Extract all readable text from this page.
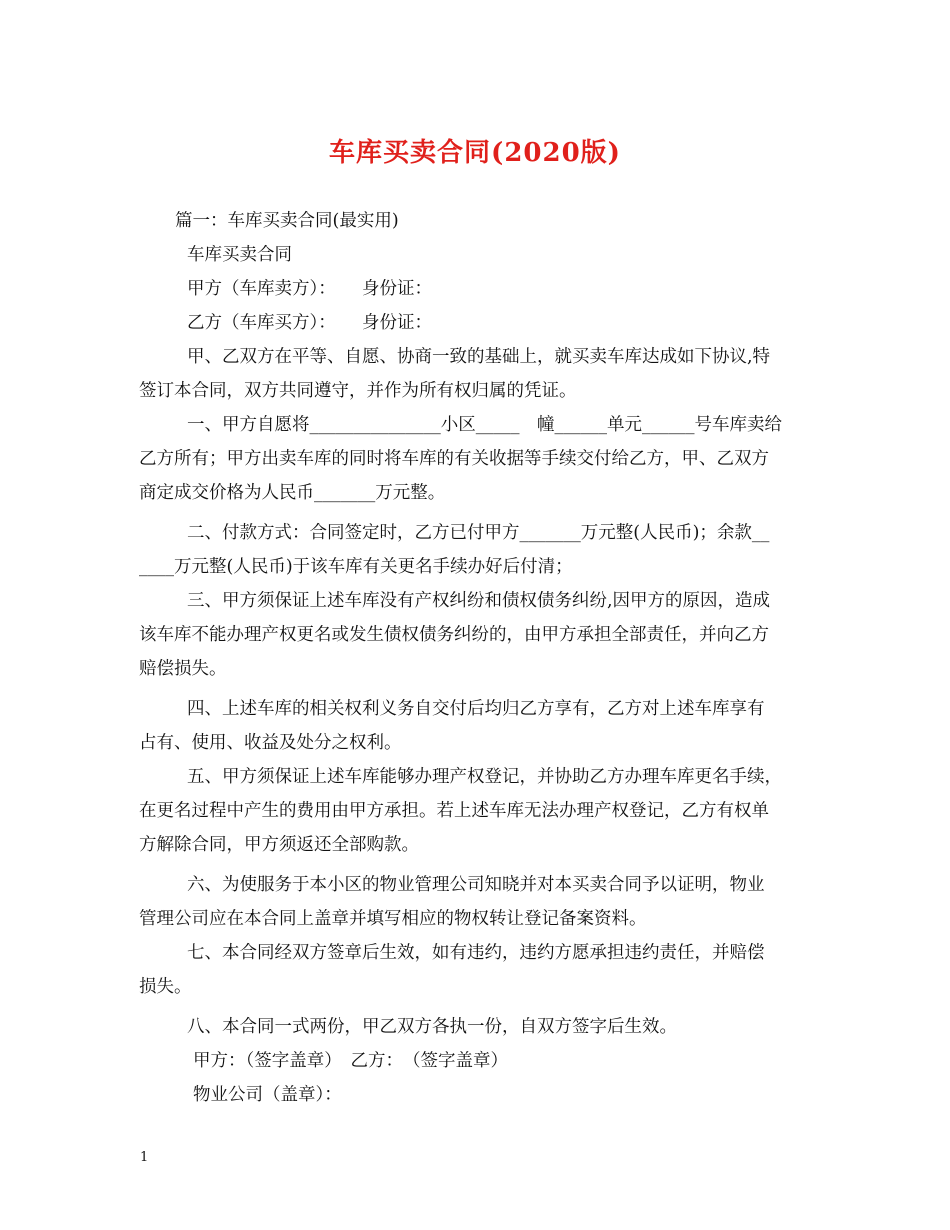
车库买卖合同(2020版)
篇一：车库买卖合同(最实用)
车库买卖合同
甲方（车库卖方）：　　身份证：
乙方（车库买方）：　　身份证：
甲、乙双方在平等、自愿、协商一致的基础上，就买卖车库达成如下协议,特
签订本合同，双方共同遵守，并作为所有权归属的凭证。
一、甲方自愿将_______________小区_____　幢______单元______号车库卖给
乙方所有；甲方出卖车库的同时将车库的有关收据等手续交付给乙方，甲、乙双方
商定成交价格为人民币_______万元整。
二、付款方式：合同签定时，乙方已付甲方_______万元整(人民币)；余款__
____万元整(人民币)于该车库有关更名手续办好后付清；
三、甲方须保证上述车库没有产权纠纷和债权债务纠纷,因甲方的原因，造成
该车库不能办理产权更名或发生债权债务纠纷的，由甲方承担全部责任，并向乙方
赔偿损失。
四、上述车库的相关权利义务自交付后均归乙方享有，乙方对上述车库享有
占有、使用、收益及处分之权利。
五、甲方须保证上述车库能够办理产权登记，并协助乙方办理车库更名手续，
在更名过程中产生的费用由甲方承担。若上述车库无法办理产权登记，乙方有权单
方解除合同，甲方须返还全部购款。
六、为使服务于本小区的物业管理公司知晓并对本买卖合同予以证明，物业
管理公司应在本合同上盖章并填写相应的物权转让登记备案资料。
七、本合同经双方签章后生效，如有违约，违约方愿承担违约责任，并赔偿
损失。
八、本合同一式两份，甲乙双方各执一份，自双方签字后生效。
甲方：（签字盖章）　乙方：　（签字盖章）
物业公司（盖章）：
1
